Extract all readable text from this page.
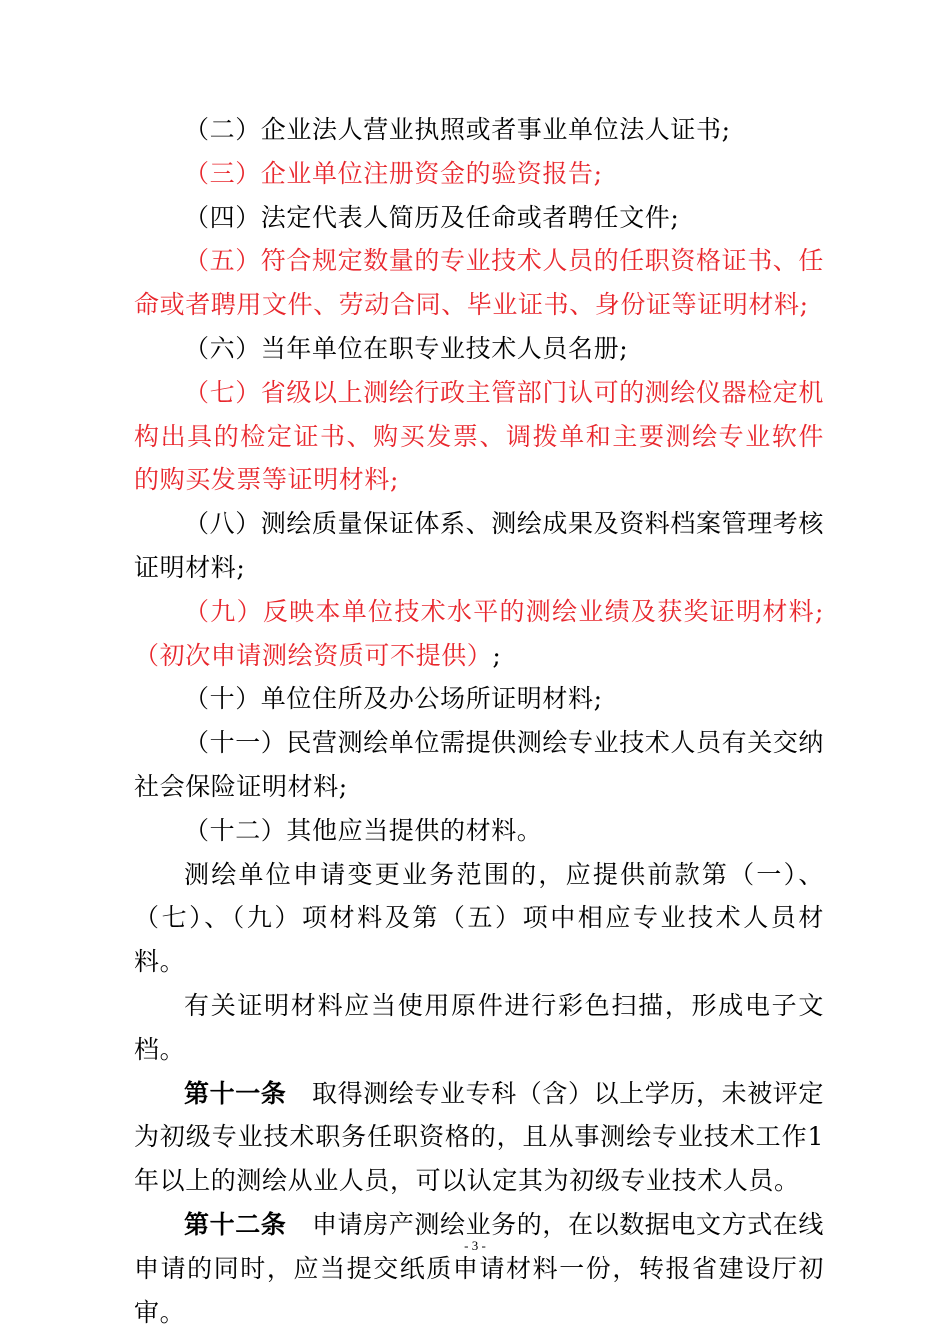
（二）企业法人营业执照或者事业单位法人证书;

（三）企业单位注册资金的验资报告;

（四）法定代表人简历及任命或者聘任文件;

（五）符合规定数量的专业技术人员的任职资格证书、任命或者聘用文件、劳动合同、毕业证书、身份证等证明材料;

（六）当年单位在职专业技术人员名册;

（七）省级以上测绘行政主管部门认可的测绘仪器检定机构出具的检定证书、购买发票、调拨单和主要测绘专业软件的购买发票等证明材料;

（八）测绘质量保证体系、测绘成果及资料档案管理考核证明材料;

（九）反映本单位技术水平的测绘业绩及获奖证明材料;（初次申请测绘资质可不提供）;

（十）单位住所及办公场所证明材料;

（十一）民营测绘单位需提供测绘专业技术人员有关交纳社会保险证明材料;

（十二）其他应当提供的材料。

测绘单位申请变更业务范围的，应提供前款第（一）、（七）、（九）项材料及第（五）项中相应专业技术人员材料。

有关证明材料应当使用原件进行彩色扫描，形成电子文档。

第十一条　取得测绘专业专科（含）以上学历，未被评定为初级专业技术职务任职资格的，且从事测绘专业技术工作1年以上的测绘从业人员，可以认定其为初级专业技术人员。

第十二条　申请房产测绘业务的，在以数据电文方式在线申请的同时，应当提交纸质申请材料一份，转报省建设厅初审。

- 3 -
